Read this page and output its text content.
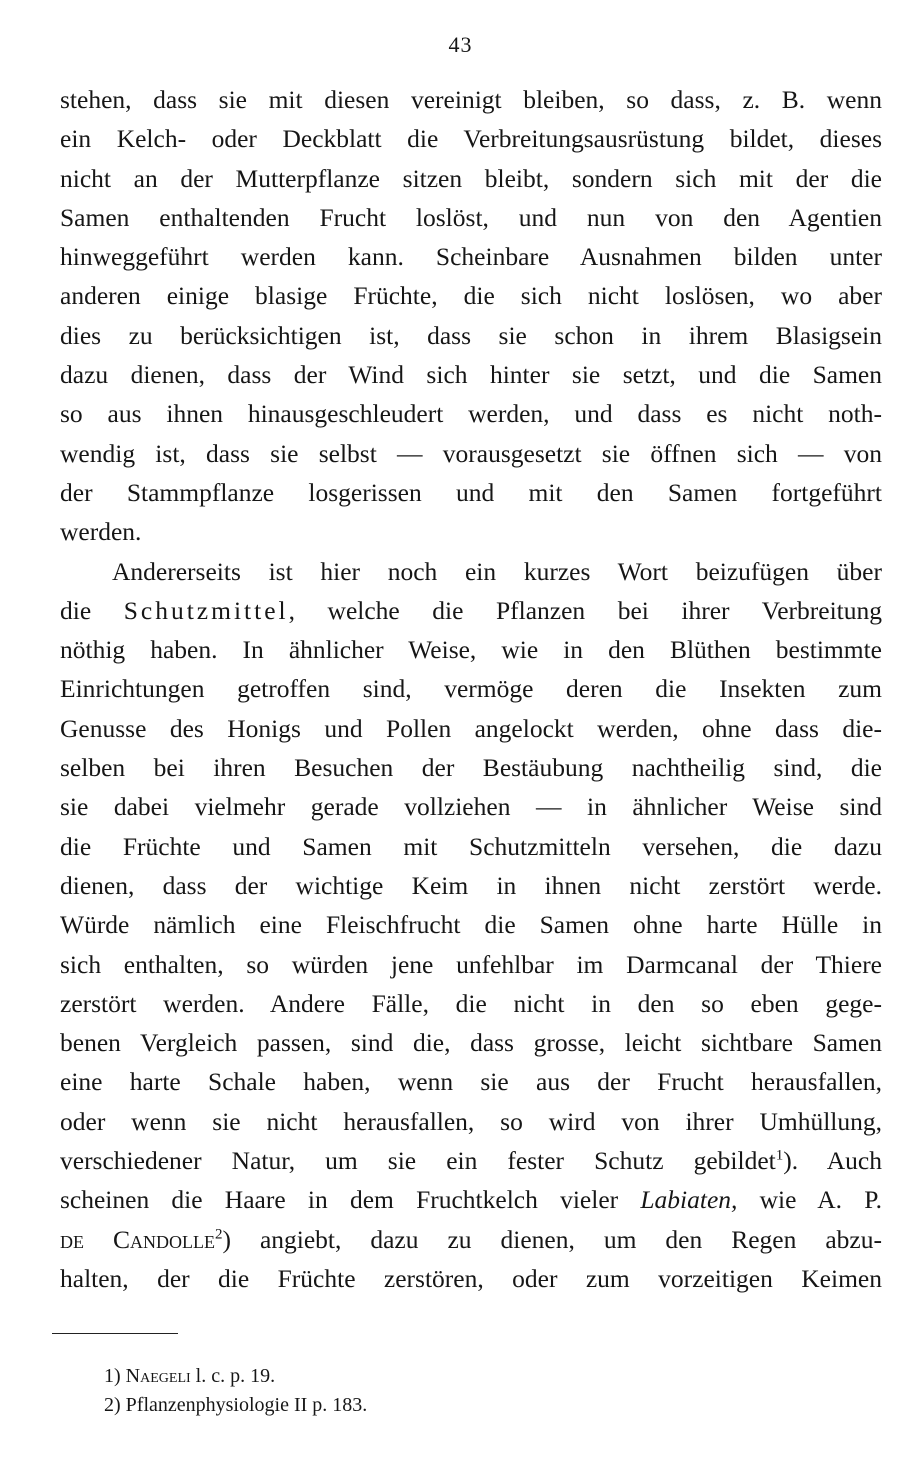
43
stehen, dass sie mit diesen vereinigt bleiben, so dass, z. B. wenn
ein Kelch- oder Deckblatt die Verbreitungsausrüstung bildet, dieses
nicht an der Mutterpflanze sitzen bleibt, sondern sich mit der die
Samen enthaltenden Frucht loslöst, und nun von den Agentien
hinweggeführt werden kann. Scheinbare Ausnahmen bilden unter
anderen einige blasige Früchte, die sich nicht loslösen, wo aber
dies zu berücksichtigen ist, dass sie schon in ihrem Blasigsein
dazu dienen, dass der Wind sich hinter sie setzt, und die Samen
so aus ihnen hinausgeschleudert werden, und dass es nicht noth-
wendig ist, dass sie selbst — vorausgesetzt sie öffnen sich — von
der Stammpflanze losgerissen und mit den Samen fortgeführt
werden.
Andererseits ist hier noch ein kurzes Wort beizufügen über
die Schutzmittel, welche die Pflanzen bei ihrer Verbreitung
nöthig haben. In ähnlicher Weise, wie in den Blüthen bestimmte
Einrichtungen getroffen sind, vermöge deren die Insekten zum
Genusse des Honigs und Pollen angelockt werden, ohne dass die-
selben bei ihren Besuchen der Bestäubung nachtheilig sind, die
sie dabei vielmehr gerade vollziehen — in ähnlicher Weise sind
die Früchte und Samen mit Schutzmitteln versehen, die dazu
dienen, dass der wichtige Keim in ihnen nicht zerstört werde.
Würde nämlich eine Fleischfrucht die Samen ohne harte Hülle in
sich enthalten, so würden jene unfehlbar im Darmcanal der Thiere
zerstört werden. Andere Fälle, die nicht in den so eben gege-
benen Vergleich passen, sind die, dass grosse, leicht sichtbare Samen
eine harte Schale haben, wenn sie aus der Frucht herausfallen,
oder wenn sie nicht herausfallen, so wird von ihrer Umhüllung,
verschiedener Natur, um sie ein fester Schutz gebildet$^1$). Auch
scheinen die Haare in dem Fruchtkelch vieler Labiaten, wie A. P.
de Candolle$^2$) angiebt, dazu zu dienen, um den Regen abzu-
halten, der die Früchte zerstören, oder zum vorzeitigen Keimen
1) Naegeli l. c. p. 19.
2) Pflanzenphysiologie II p. 183.
